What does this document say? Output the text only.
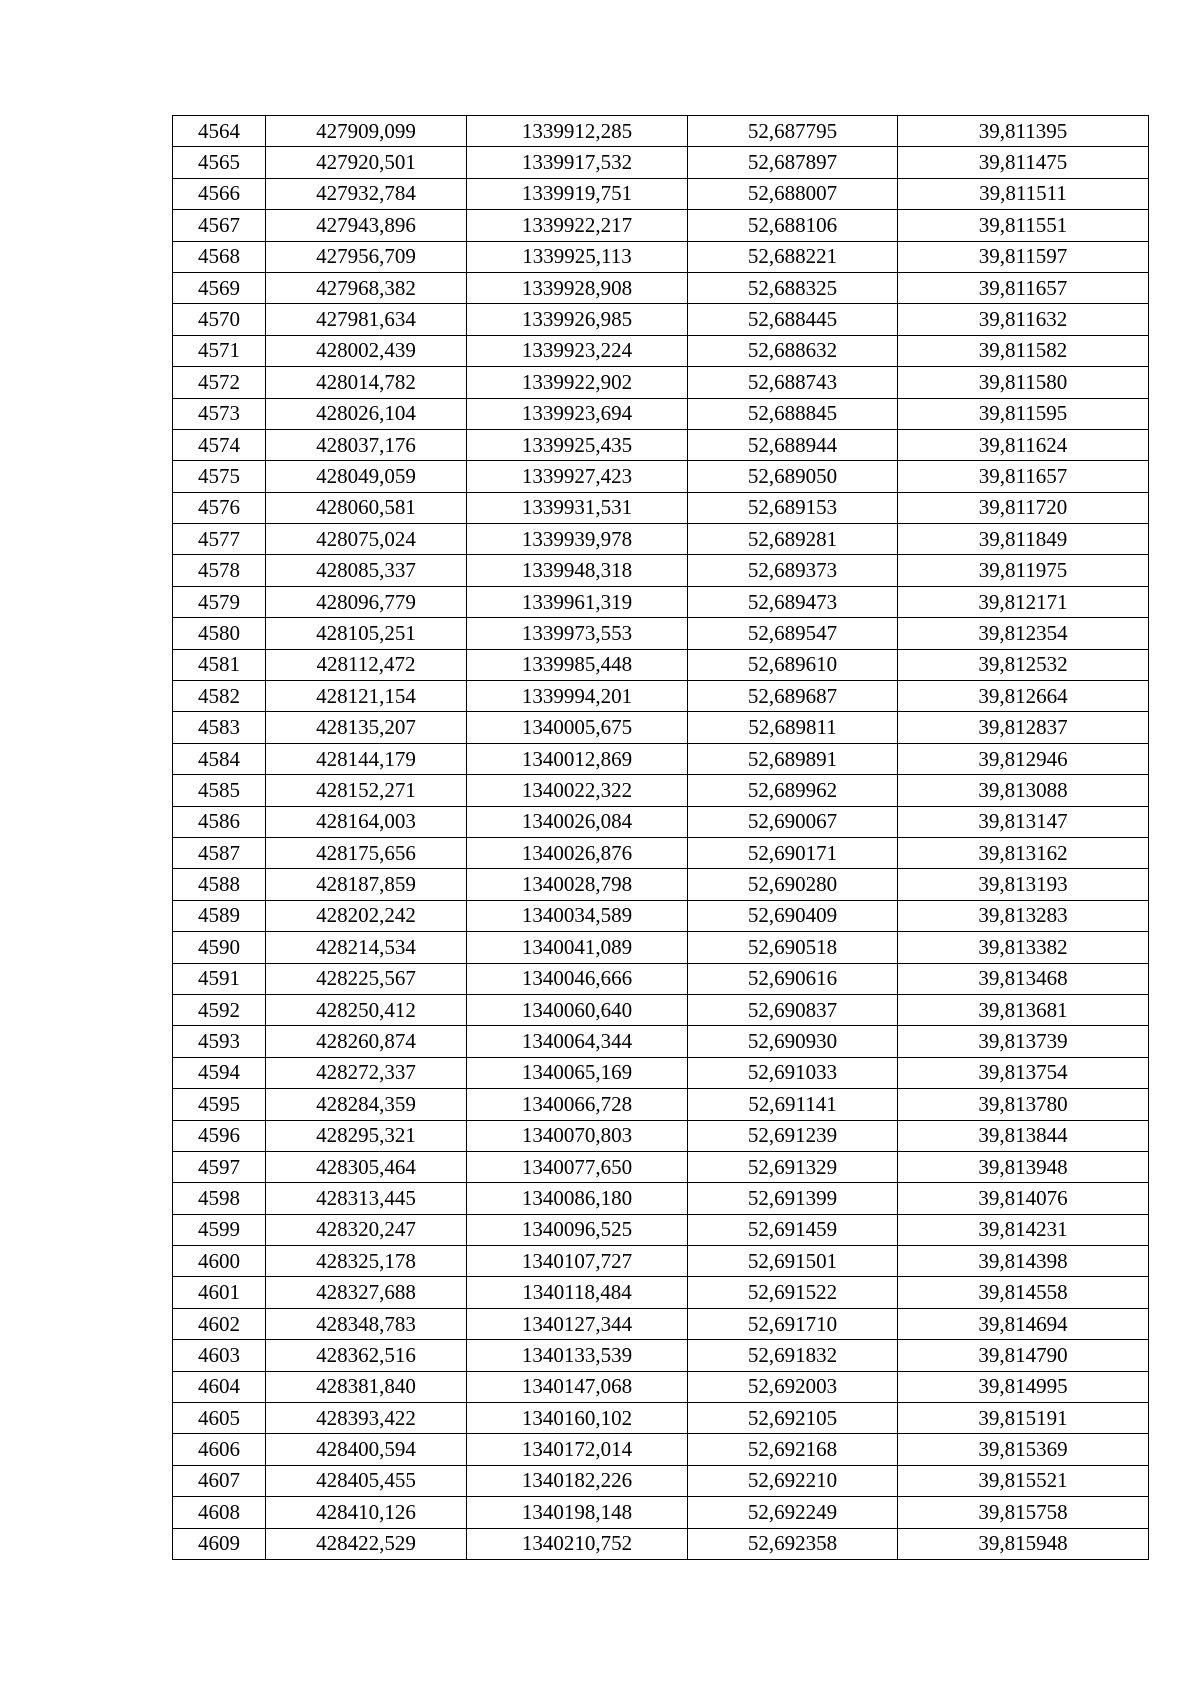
4564	427909,099	1339912,285	52,687795	39,811395
4565	427920,501	1339917,532	52,687897	39,811475
4566	427932,784	1339919,751	52,688007	39,811511
4567	427943,896	1339922,217	52,688106	39,811551
4568	427956,709	1339925,113	52,688221	39,811597
4569	427968,382	1339928,908	52,688325	39,811657
4570	427981,634	1339926,985	52,688445	39,811632
4571	428002,439	1339923,224	52,688632	39,811582
4572	428014,782	1339922,902	52,688743	39,811580
4573	428026,104	1339923,694	52,688845	39,811595
4574	428037,176	1339925,435	52,688944	39,811624
4575	428049,059	1339927,423	52,689050	39,811657
4576	428060,581	1339931,531	52,689153	39,811720
4577	428075,024	1339939,978	52,689281	39,811849
4578	428085,337	1339948,318	52,689373	39,811975
4579	428096,779	1339961,319	52,689473	39,812171
4580	428105,251	1339973,553	52,689547	39,812354
4581	428112,472	1339985,448	52,689610	39,812532
4582	428121,154	1339994,201	52,689687	39,812664
4583	428135,207	1340005,675	52,689811	39,812837
4584	428144,179	1340012,869	52,689891	39,812946
4585	428152,271	1340022,322	52,689962	39,813088
4586	428164,003	1340026,084	52,690067	39,813147
4587	428175,656	1340026,876	52,690171	39,813162
4588	428187,859	1340028,798	52,690280	39,813193
4589	428202,242	1340034,589	52,690409	39,813283
4590	428214,534	1340041,089	52,690518	39,813382
4591	428225,567	1340046,666	52,690616	39,813468
4592	428250,412	1340060,640	52,690837	39,813681
4593	428260,874	1340064,344	52,690930	39,813739
4594	428272,337	1340065,169	52,691033	39,813754
4595	428284,359	1340066,728	52,691141	39,813780
4596	428295,321	1340070,803	52,691239	39,813844
4597	428305,464	1340077,650	52,691329	39,813948
4598	428313,445	1340086,180	52,691399	39,814076
4599	428320,247	1340096,525	52,691459	39,814231
4600	428325,178	1340107,727	52,691501	39,814398
4601	428327,688	1340118,484	52,691522	39,814558
4602	428348,783	1340127,344	52,691710	39,814694
4603	428362,516	1340133,539	52,691832	39,814790
4604	428381,840	1340147,068	52,692003	39,814995
4605	428393,422	1340160,102	52,692105	39,815191
4606	428400,594	1340172,014	52,692168	39,815369
4607	428405,455	1340182,226	52,692210	39,815521
4608	428410,126	1340198,148	52,692249	39,815758
4609	428422,529	1340210,752	52,692358	39,815948
